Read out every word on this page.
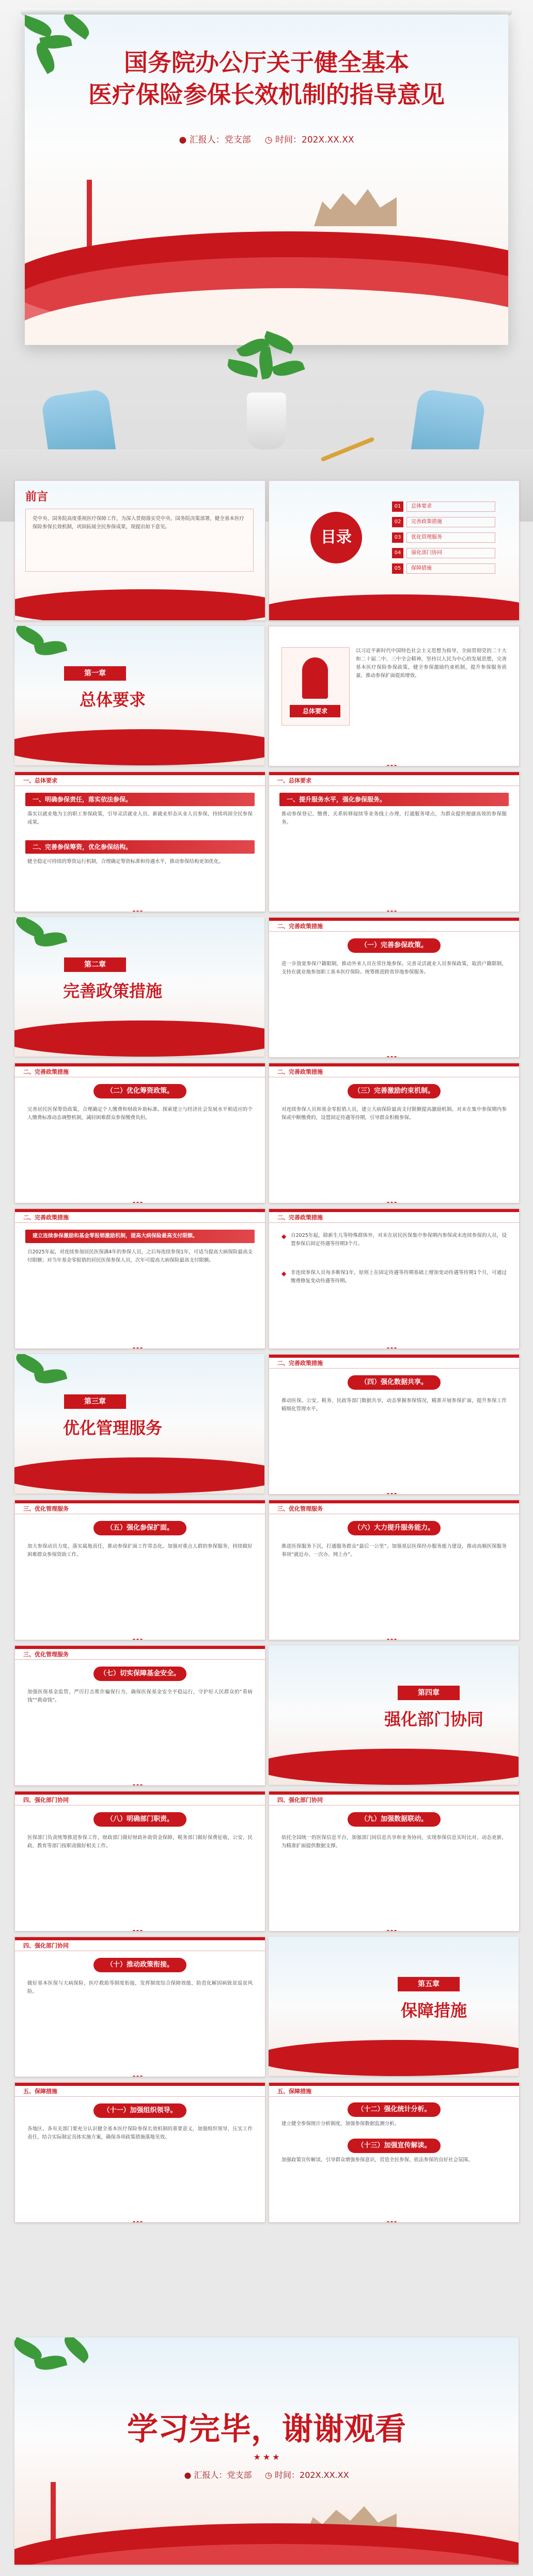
国务院办公厅关于健全基本
医疗保险参保长效机制的指导意见
● 汇报人：党支部 ◷ 时间：202X.XX.XX
前言
党中央、国务院高度重视医疗保障工作，为深入贯彻落实党中央、国务院决策部署，健全基本医疗保险参保长效机制，巩固拓展全民参保成果，现提出如下意见。
目录
01	总体要求
02	完善政策措施
03	优化管理服务
04	强化部门协同
05	保障措施
第一章
总体要求
总体要求
以习近平新时代中国特色社会主义思想为指导，全面贯彻党的二十大和二十届二中、三中全会精神，坚持以人民为中心的发展思想，完善基本医疗保险参保政策，健全参保激励约束机制，提升参保服务质量，推动参保扩面提质增效。
一、总体要求
一、明确参保责任，落实依法参保。
落实以就业地为主的职工参保政策，引导灵活就业人员、新就业形态从业人员参保，持续巩固全民参保成果。
二、完善参保筹资，优化参保结构。
健全稳定可持续的筹资运行机制，合理确定筹资标准和待遇水平，推动参保结构更加优化。
一、总体要求
一、提升服务水平，强化参保服务。
推动参保登记、缴费、关系转移接续等业务线上办理，打通服务堵点，为群众提供便捷高效的参保服务。
第二章
完善政策措施
二、完善政策措施
（一）完善参保政策。
进一步放宽参保户籍限制，推动外来人员在常住地参保。完善灵活就业人员参保政策，取消户籍限制，支持在就业地参加职工基本医疗保险。统筹推进跨省异地参保服务。
二、完善政策措施
（二）优化筹资政策。
完善居民医保筹资政策，合理确定个人缴费和财政补助标准。探索建立与经济社会发展水平相适应的个人缴费标准动态调整机制，减轻困难群众参保缴费负担。
二、完善政策措施
（三）完善激励约束机制。
对连续参保人员和基金零报销人员，建立大病保险最高支付限额提高激励机制。对未在集中参保期内参保或中断缴费的，设置固定待遇等待期，引导群众积极参保。
二、完善政策措施
建立连续参保激励和基金零报销激励机制，提高大病保险最高支付限额。
自2025年起，对连续参加居民医保满4年的参保人员，之后每连续参保1年，可适当提高大病保险最高支付限额；对当年基金零报销的居民医保参保人员，次年可提高大病保险最高支付限额。
二、完善政策措施
◆ 自2025年起，除新生儿等特殊群体外，对未在居民医保集中参保期内参保或未连续参保的人员，设置参保后固定待遇等待期3个月。
◆ 非连续参保人员每多断保1年，原则上在固定待遇等待期基础上增加变动待遇等待期1个月，可通过缴费修复变动待遇等待期。
第三章
优化管理服务
二、完善政策措施
（四）强化数据共享。
推动医保、公安、税务、民政等部门数据共享，动态掌握参保情况，精准开展参保扩面，提升参保工作精细化管理水平。
三、优化管理服务
（五）强化参保扩面。
加大参保动员力度，落实属地责任，推动参保扩面工作常态化。加强对重点人群的参保服务，持续做好困难群众参保资助工作。
三、优化管理服务
（六）大力提升服务能力。
推进医保服务下沉，打通服务群众“最后一公里”。加强基层医保经办服务能力建设，推动高频医保服务事项“就近办、一次办、网上办”。
三、优化管理服务
（七）切实保障基金安全。
加强医保基金监管，严厉打击欺诈骗保行为，确保医保基金安全平稳运行，守护好人民群众的“看病钱”“救命钱”。
第四章
强化部门协同
四、强化部门协同
（八）明确部门职责。
医保部门负责统筹推进参保工作，财政部门做好财政补助资金保障，税务部门做好保费征收，公安、民政、教育等部门按职责做好相关工作。
四、强化部门协同
（九）加强数据联动。
依托全国统一的医保信息平台，加强部门间信息共享和业务协同，实现参保信息实时比对、动态更新，为精准扩面提供数据支撑。
四、强化部门协同
（十）推动政策衔接。
做好基本医保与大病保险、医疗救助等制度衔接，发挥制度综合保障效能，防范化解因病致贫返贫风险。
第五章
保障措施
五、保障措施
（十一）加强组织领导。
各地区、各有关部门要充分认识健全基本医疗保险参保长效机制的重要意义，加强组织领导，压实工作责任，结合实际制定具体实施方案，确保各项政策措施落地见效。
五、保障措施
（十二）强化统计分析。
建立健全参保统计分析制度，加强参保数据监测分析。
（十三）加强宣传解读。
加强政策宣传解读，引导群众增强参保意识，营造全民参保、依法参保的良好社会氛围。
学习完毕，谢谢观看
★★★
● 汇报人：党支部 ◷ 时间：202X.XX.XX
